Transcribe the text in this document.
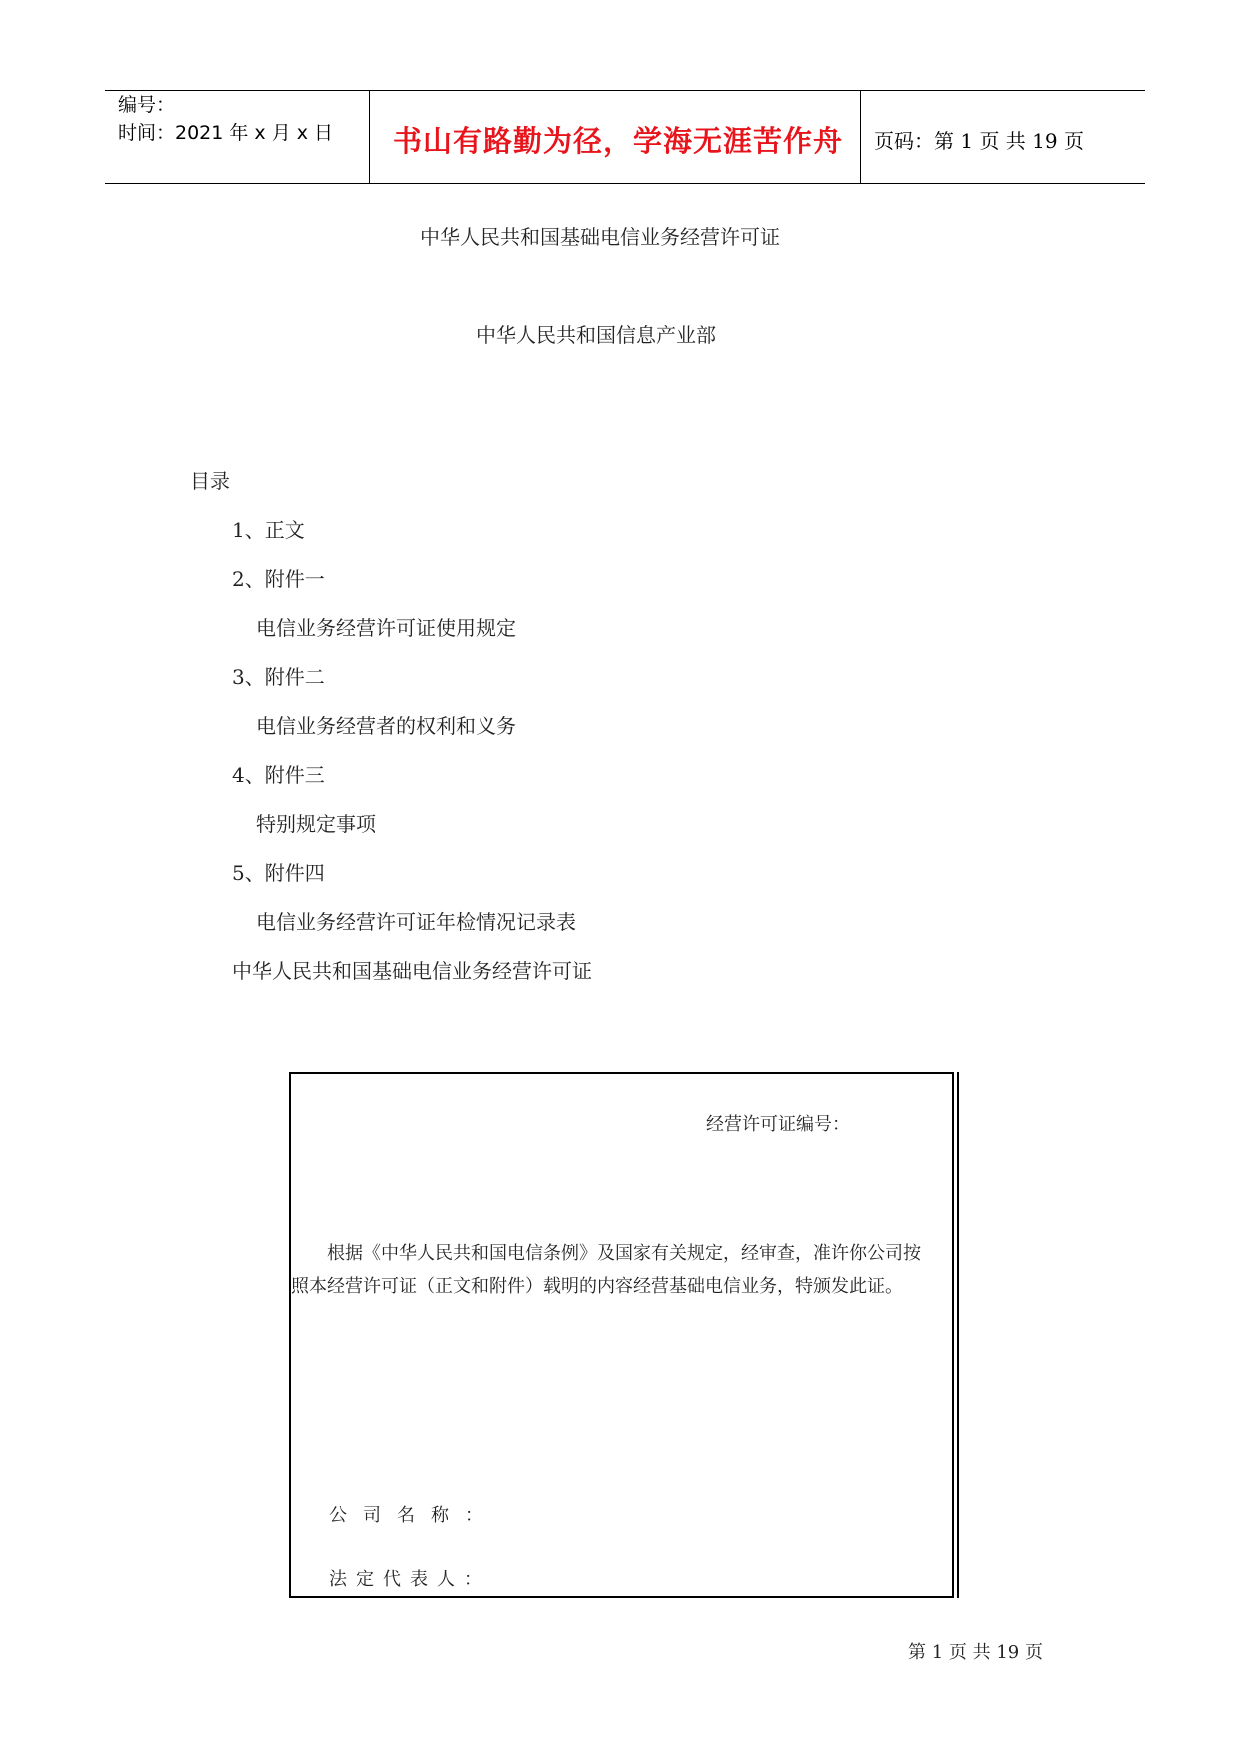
编号：
时间：2021 年 x 月 x 日 书山有路勤为径，学海无涯苦作舟 页码：第 1 页 共 19 页
中华人民共和国基础电信业务经营许可证
中华人民共和国信息产业部
目录
1、正文
2、附件一
电信业务经营许可证使用规定
3、附件二
电信业务经营者的权利和义务
4、附件三
特别规定事项
5、附件四
电信业务经营许可证年检情况记录表
中华人民共和国基础电信业务经营许可证
经营许可证编号：
根据《中华人民共和国电信条例》及国家有关规定，经审查，准许你公司按
照本经营许可证（正文和附件）载明的内容经营基础电信业务，特颁发此证。
公司名称：
法定代表人：
第 1 页 共 19 页
